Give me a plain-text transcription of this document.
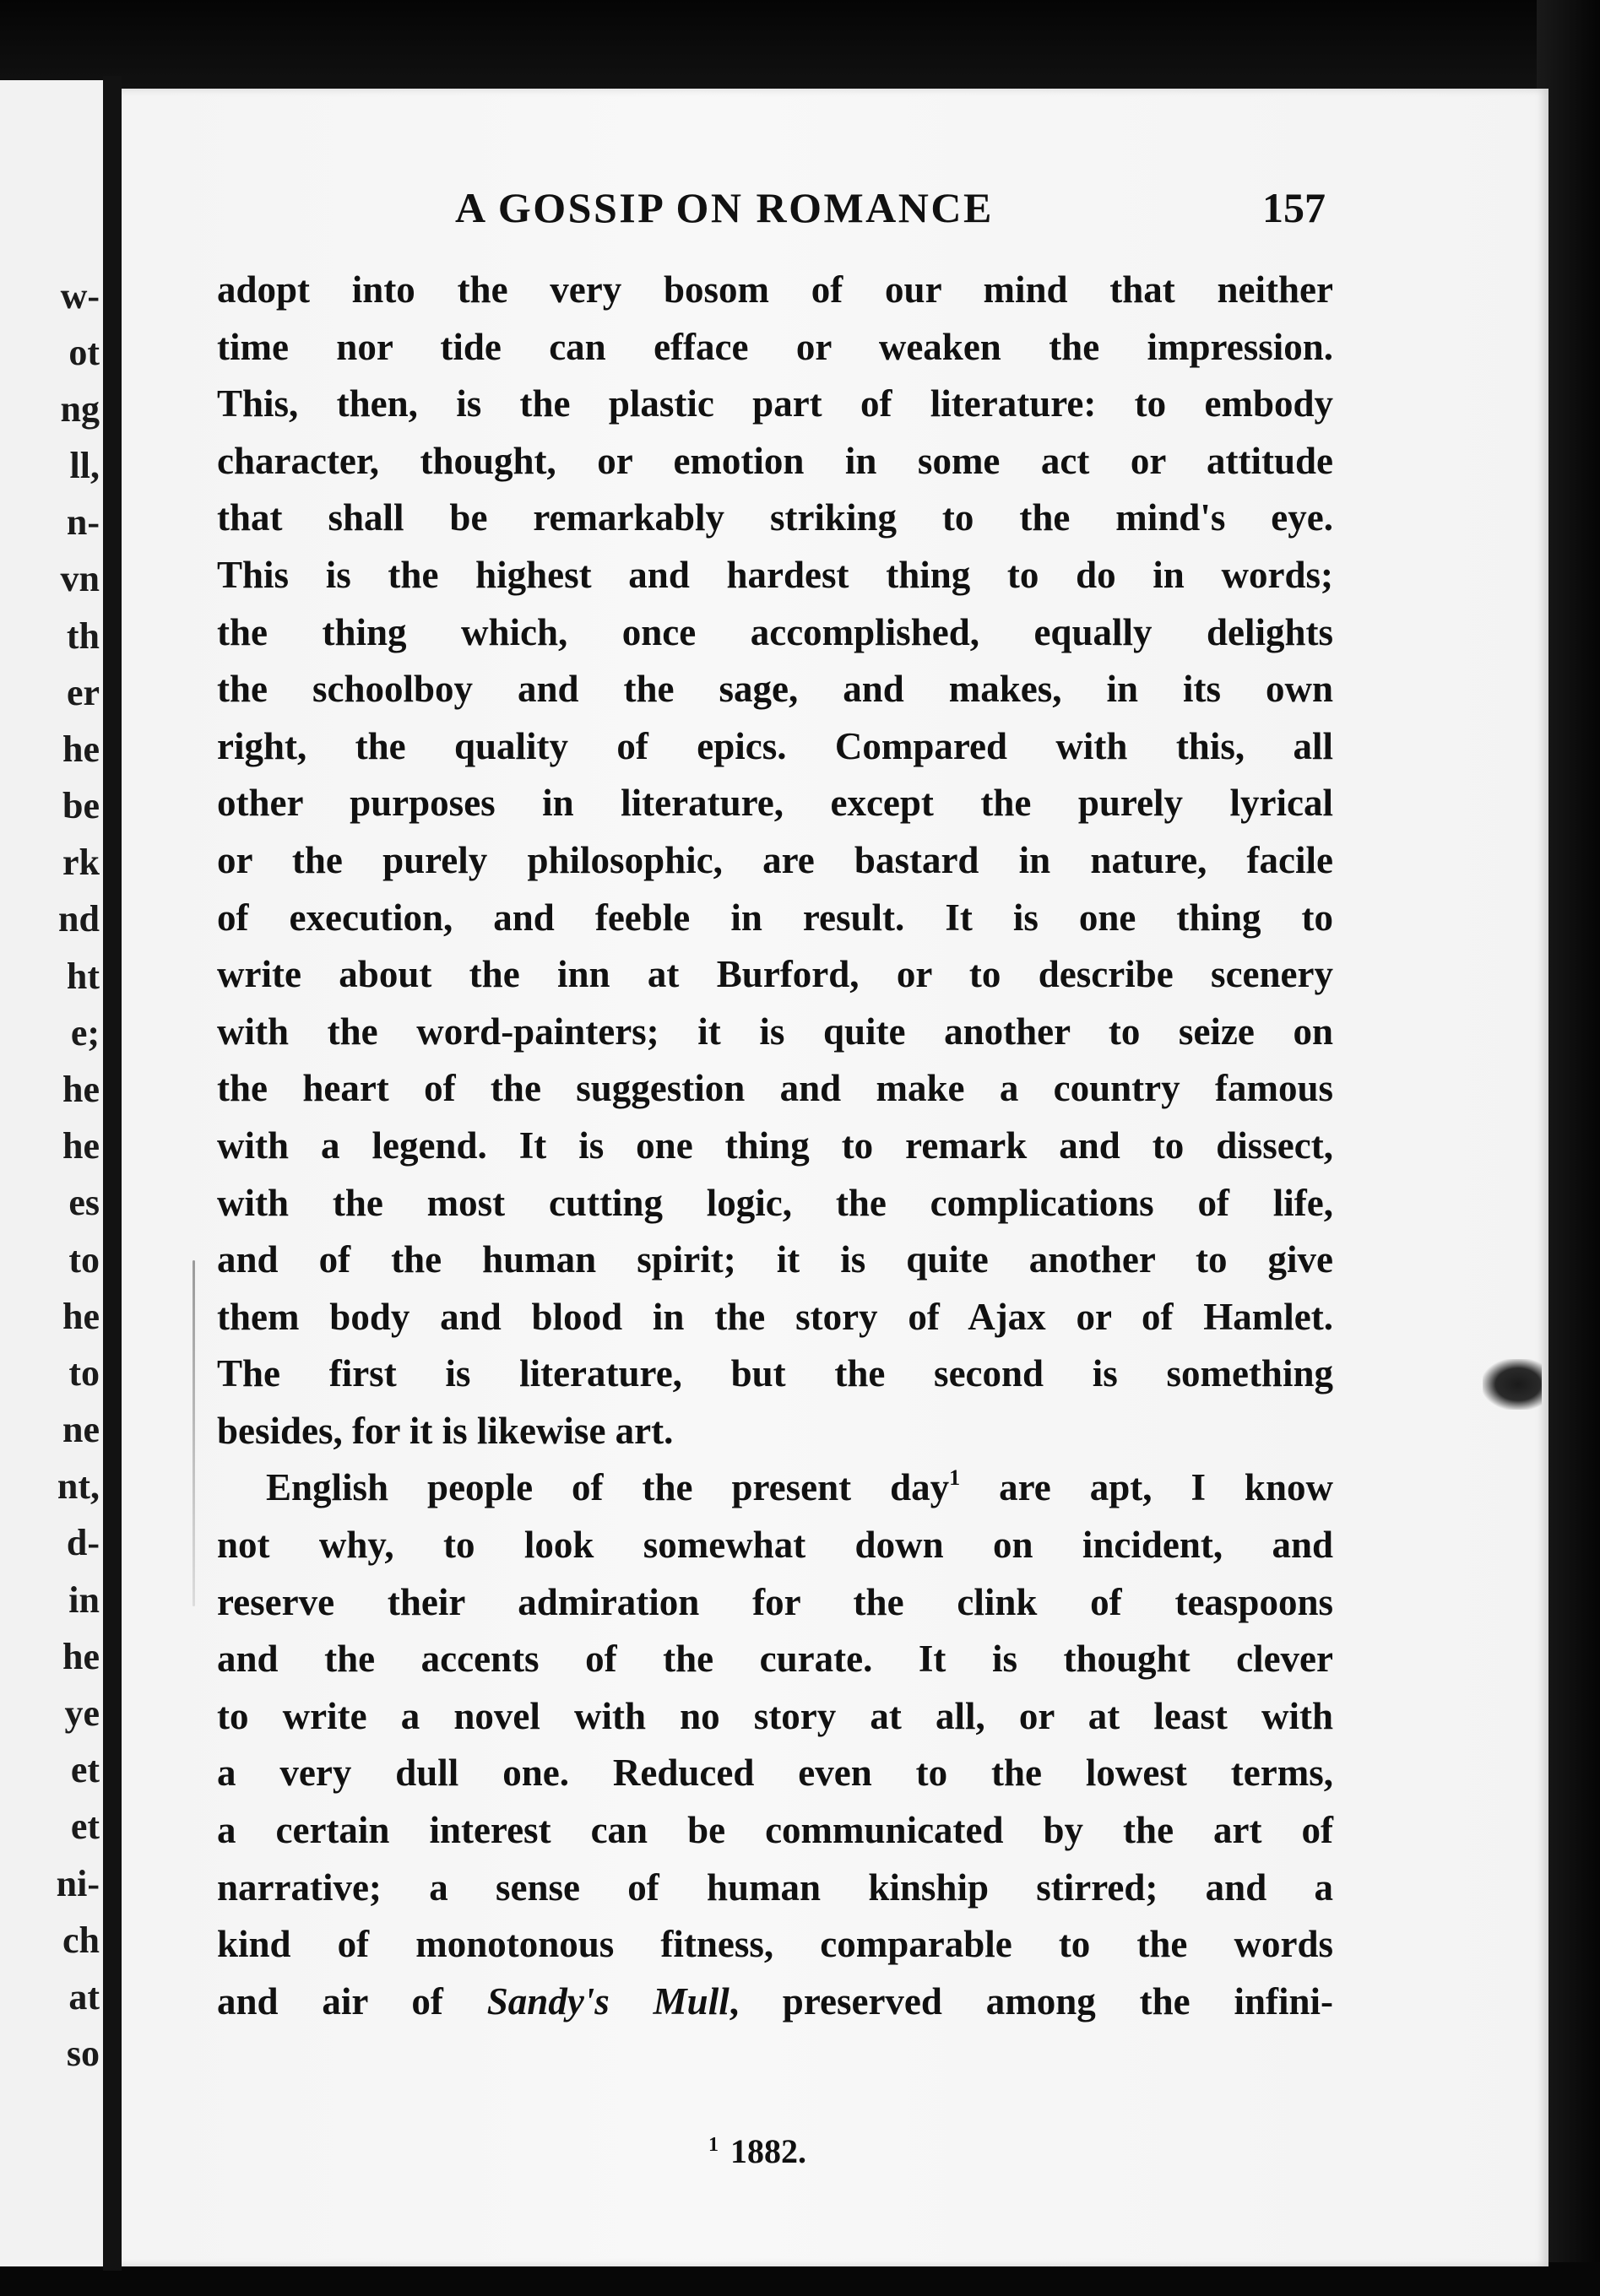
w-
ot
ng
ll,
n-
vn
th
er
he
be
rk
nd
ht
e;
he
he
es
to
he
to
ne
nt,
d-
in
he
ye
et
et
ni-
ch
at
so
A GOSSIP ON ROMANCE	157
adopt into the very bosom of our mind that neither
time nor tide can efface or weaken the impression.
This, then, is the plastic part of literature: to embody
character, thought, or emotion in some act or attitude
that shall be remarkably striking to the mind's eye.
This is the highest and hardest thing to do in words;
the thing which, once accomplished, equally delights
the schoolboy and the sage, and makes, in its own
right, the quality of epics. Compared with this, all
other purposes in literature, except the purely lyrical
or the purely philosophic, are bastard in nature, facile
of execution, and feeble in result. It is one thing to
write about the inn at Burford, or to describe scenery
with the word-painters; it is quite another to seize on
the heart of the suggestion and make a country famous
with a legend. It is one thing to remark and to dissect,
with the most cutting logic, the complications of life,
and of the human spirit; it is quite another to give
them body and blood in the story of Ajax or of Hamlet.
The first is literature, but the second is something
besides, for it is likewise art.
English people of the present day$^1$ are apt, I know
not why, to look somewhat down on incident, and
reserve their admiration for the clink of teaspoons
and the accents of the curate. It is thought clever
to write a novel with no story at all, or at least with
a very dull one. Reduced even to the lowest terms,
a certain interest can be communicated by the art of
narrative; a sense of human kinship stirred; and a
kind of monotonous fitness, comparable to the words
and air of Sandy's Mull, preserved among the infini-
$^1$ 1882.
